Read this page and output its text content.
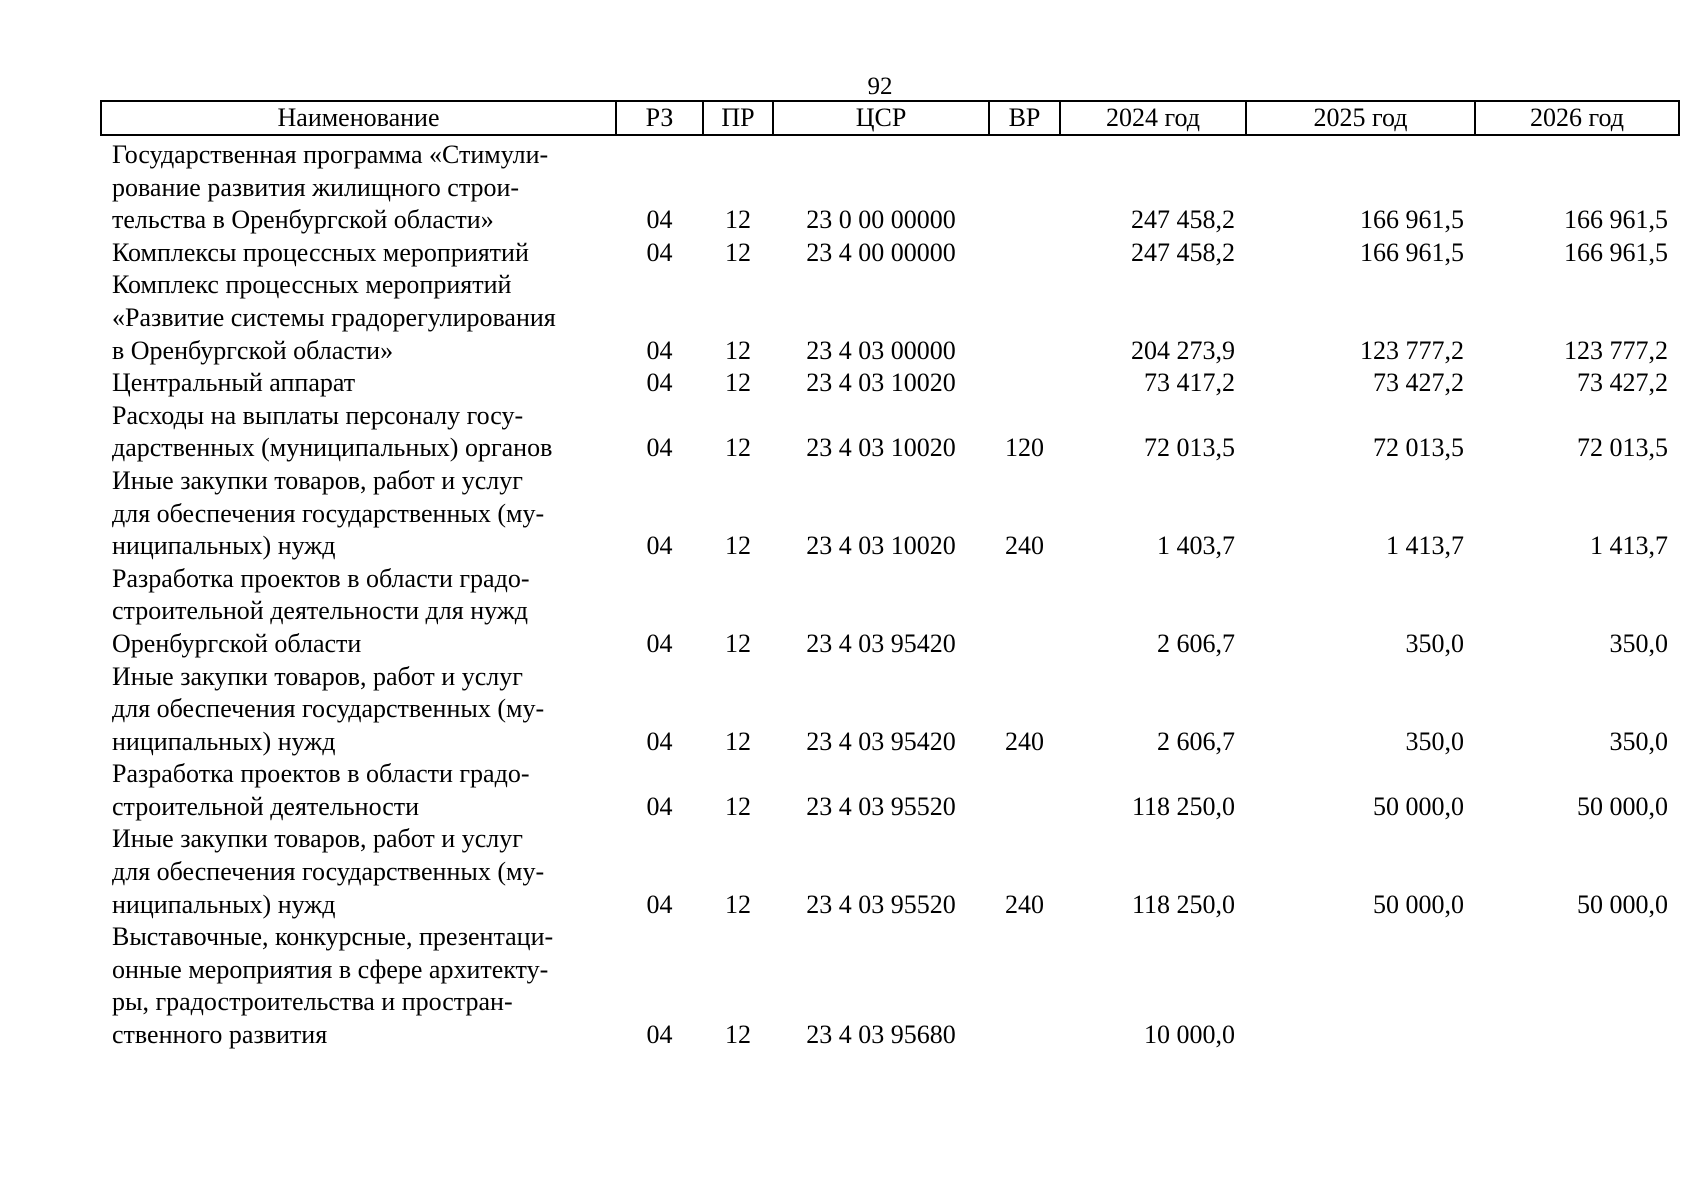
92
Наименование	РЗ	ПР	ЦСР	ВР	2024 год	2025 год	2026 год

Государственная программа «Стимули-
рование развития жилищного строи-
тельства в Оренбургской области»	04	12	23 0 00 00000		247 458,2	166 961,5	166 961,5

Комплексы процессных мероприятий	04	12	23 4 00 00000		247 458,2	166 961,5	166 961,5

Комплекс процессных мероприятий
«Развитие системы градорегулирования
в Оренбургской области»	04	12	23 4 03 00000		204 273,9	123 777,2	123 777,2

Центральный аппарат	04	12	23 4 03 10020		73 417,2	73 427,2	73 427,2

Расходы на выплаты персоналу госу-
дарственных (муниципальных) органов	04	12	23 4 03 10020	120	72 013,5	72 013,5	72 013,5

Иные закупки товаров, работ и услуг
для обеспечения государственных (му-
ниципальных) нужд	04	12	23 4 03 10020	240	1 403,7	1 413,7	1 413,7

Разработка проектов в области градо-
строительной деятельности для нужд
Оренбургской области	04	12	23 4 03 95420		2 606,7	350,0	350,0

Иные закупки товаров, работ и услуг
для обеспечения государственных (му-
ниципальных) нужд	04	12	23 4 03 95420	240	2 606,7	350,0	350,0

Разработка проектов в области градо-
строительной деятельности	04	12	23 4 03 95520		118 250,0	50 000,0	50 000,0

Иные закупки товаров, работ и услуг
для обеспечения государственных (му-
ниципальных) нужд	04	12	23 4 03 95520	240	118 250,0	50 000,0	50 000,0

Выставочные, конкурсные, презентаци-
онные мероприятия в сфере архитекту-
ры, градостроительства и простран-
ственного развития	04	12	23 4 03 95680		10 000,0		
